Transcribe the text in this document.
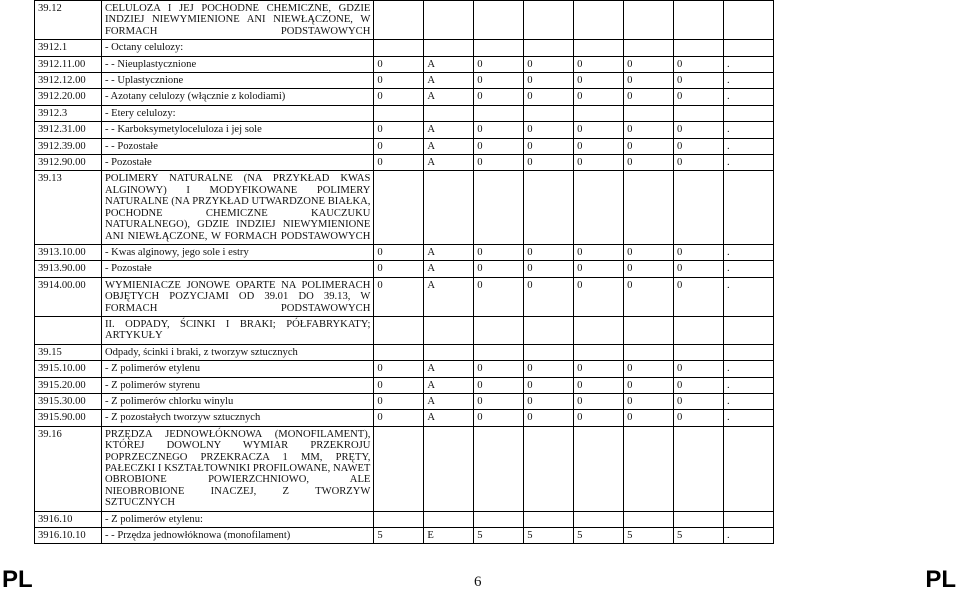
39.12	CELULOZA I JEJ POCHODNE CHEMICZNE, GDZIE INDZIEJ NIEWYMIENIONE ANI NIEWŁĄCZONE, W FORMACH PODSTAWOWYCH								
3912.1	- Octany celulozy:								
3912.11.00	- - Nieuplastycznione	0	A	0	0	0	0	0	.
3912.12.00	- - Uplastycznione	0	A	0	0	0	0	0	.
3912.20.00	- Azotany celulozy (włącznie z kolodiami)	0	A	0	0	0	0	0	.
3912.3	- Etery celulozy:								
3912.31.00	- - Karboksymetyloceluloza i jej sole	0	A	0	0	0	0	0	.
3912.39.00	- - Pozostałe	0	A	0	0	0	0	0	.
3912.90.00	- Pozostałe	0	A	0	0	0	0	0	.
39.13	POLIMERY NATURALNE (NA PRZYKŁAD KWAS ALGINOWY) I MODYFIKOWANE POLIMERY NATURALNE (NA PRZYKŁAD UTWARDZONE BIAŁKA, POCHODNE CHEMICZNE KAUCZUKU NATURALNEGO), GDZIE INDZIEJ NIEWYMIENIONE ANI NIEWŁĄCZONE, W FORMACH PODSTAWOWYCH								
3913.10.00	- Kwas alginowy, jego sole i estry	0	A	0	0	0	0	0	.
3913.90.00	- Pozostałe	0	A	0	0	0	0	0	.
3914.00.00	WYMIENIACZE JONOWE OPARTE NA POLIMERACH OBJĘTYCH POZYCJAMI OD 39.01 DO 39.13, W FORMACH PODSTAWOWYCH	0	A	0	0	0	0	0	.
	II. ODPADY, ŚCINKI I BRAKI; PÓŁFABRYKATY; ARTYKUŁY								
39.15	Odpady, ścinki i braki, z tworzyw sztucznych								
3915.10.00	- Z polimerów etylenu	0	A	0	0	0	0	0	.
3915.20.00	- Z polimerów styrenu	0	A	0	0	0	0	0	.
3915.30.00	- Z polimerów chlorku winylu	0	A	0	0	0	0	0	.
3915.90.00	- Z pozostałych tworzyw sztucznych	0	A	0	0	0	0	0	.
39.16	PRZĘDZA JEDNOWŁÓKNOWA (MONOFILAMENT), KTÓREJ DOWOLNY WYMIAR PRZEKROJU POPRZECZNEGO PRZEKRACZA 1 MM, PRĘTY, PAŁECZKI I KSZTAŁTOWNIKI PROFILOWANE, NAWET OBROBIONE POWIERZCHNIOWO, ALE NIEOBROBIONE INACZEJ, Z TWORZYW SZTUCZNYCH								
3916.10	- Z polimerów etylenu:								
3916.10.10	- - Przędza jednowłóknowa (monofilament)	5	E	5	5	5	5	5	.
PL	6	PL
